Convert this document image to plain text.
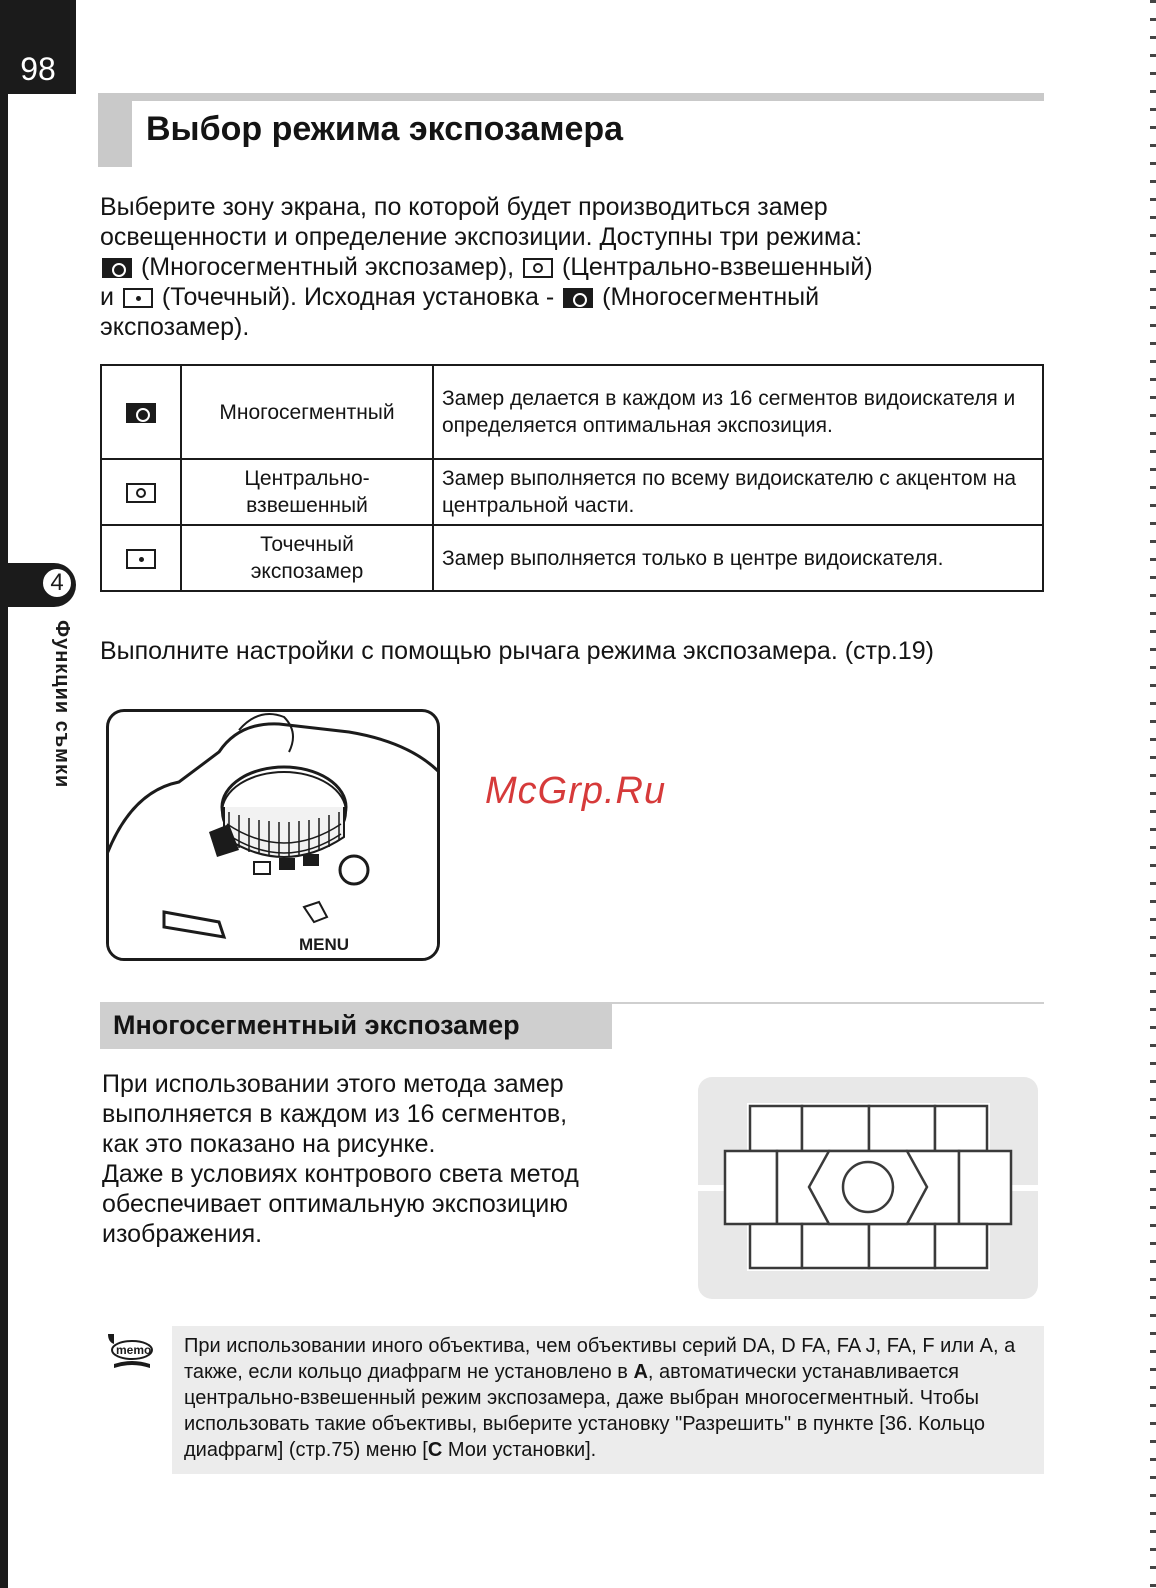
98
4
Функции съмки
Выбор режима экспозамера

Выберите зону экрана, по которой будет производиться замер
освещенности и определение экспозиции. Доступны три режима:
(Многосегментный экспозамер),  (Центрально-взвешенный)
и  (Точечный). Исходная установка -  (Многосегментный
экспозамер).

	Многосегментный	Замер делается в каждом из 16 сегментов видоискателя и определяется оптимальная экспозиция.
	Центрально-
взвешенный	Замер выполняется по всему видоискателю с акцентом на центральной части.
	Точечный
экспозамер	Замер выполняется только в центре видоискателя.

Выполните настройки с помощью рычага режима экспозамера. (стр.19)

MENU
McGrp.Ru
Многосегментный экспозамер

При использовании этого метода замер
выполняется в каждом из 16 сегментов,
как это показано на рисунке.
Даже в условиях контрового света метод
обеспечивает оптимальную экспозицию
изображения.

memo При использовании иного объектива, чем объективы серий DA, D FA, FA J, FA, F или A, а также, если кольцо диафрагм не установлено в A, автоматически устанавливается центрально-взвешенный режим экспозамера, даже выбран многосегментный. Чтобы использовать такие объективы, выберите установку "Разрешить" в пункте [36. Кольцо диафрагм] (стр.75) меню [C Мои установки].
